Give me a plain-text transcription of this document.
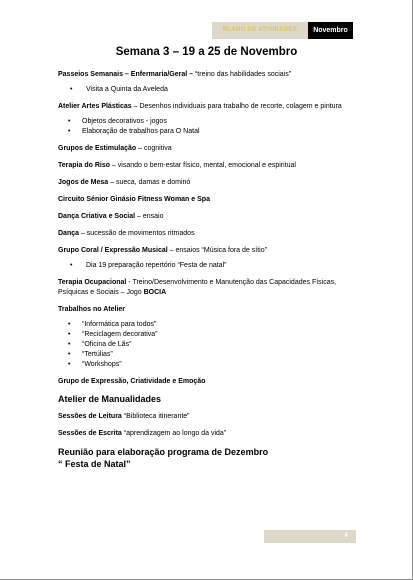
PLANO DE ATIVIDADES	Novembro
Semana 3 – 19 a 25 de Novembro

Passeios Semanais – Enfermaria/Geral – “treino das habilidades sociais”

• Visita a Quinta da Aveleda

Atelier Artes Plásticas – Desenhos individuais para trabalho de recorte, colagem e pintura

• Objetos decorativos - jogos
• Elaboração de trabalhos para O Natal

Grupos de Estimulação – cognitiva

Terapia do Riso – visando o bem-estar físico, mental, emocional e espiritual

Jogos de Mesa – sueca, damas e dominó

Circuito Sénior Ginásio Fitness Woman e Spa

Dança Criativa e Social – ensaio

Dança – sucessão de movimentos ritmados

Grupo Coral / Expressão Musical – ensaios “Música fora de sítio”

• Dia 19 preparação repertório “Festa de natal”

Terapia Ocupacional - Treino/Desenvolvimento e Manutenção das Capacidades Físicas, Psíquicas e Sociais – Jogo BOCIA

Trabalhos no Atelier

• “Informática para todos”
• “Reciclagem decorativa”
• “Oficina de Lãs”
• “Tertúlias”
• “Workshops”

Grupo de Expressão, Criatividade e Emoção

Atelier de Manualidades

Sessões de Leitura “Biblioteca itinerante”

Sessões de Escrita “aprendizagem ao longo da vida”

Reunião para elaboração programa de Dezembro
“ Festa de Natal”
4
